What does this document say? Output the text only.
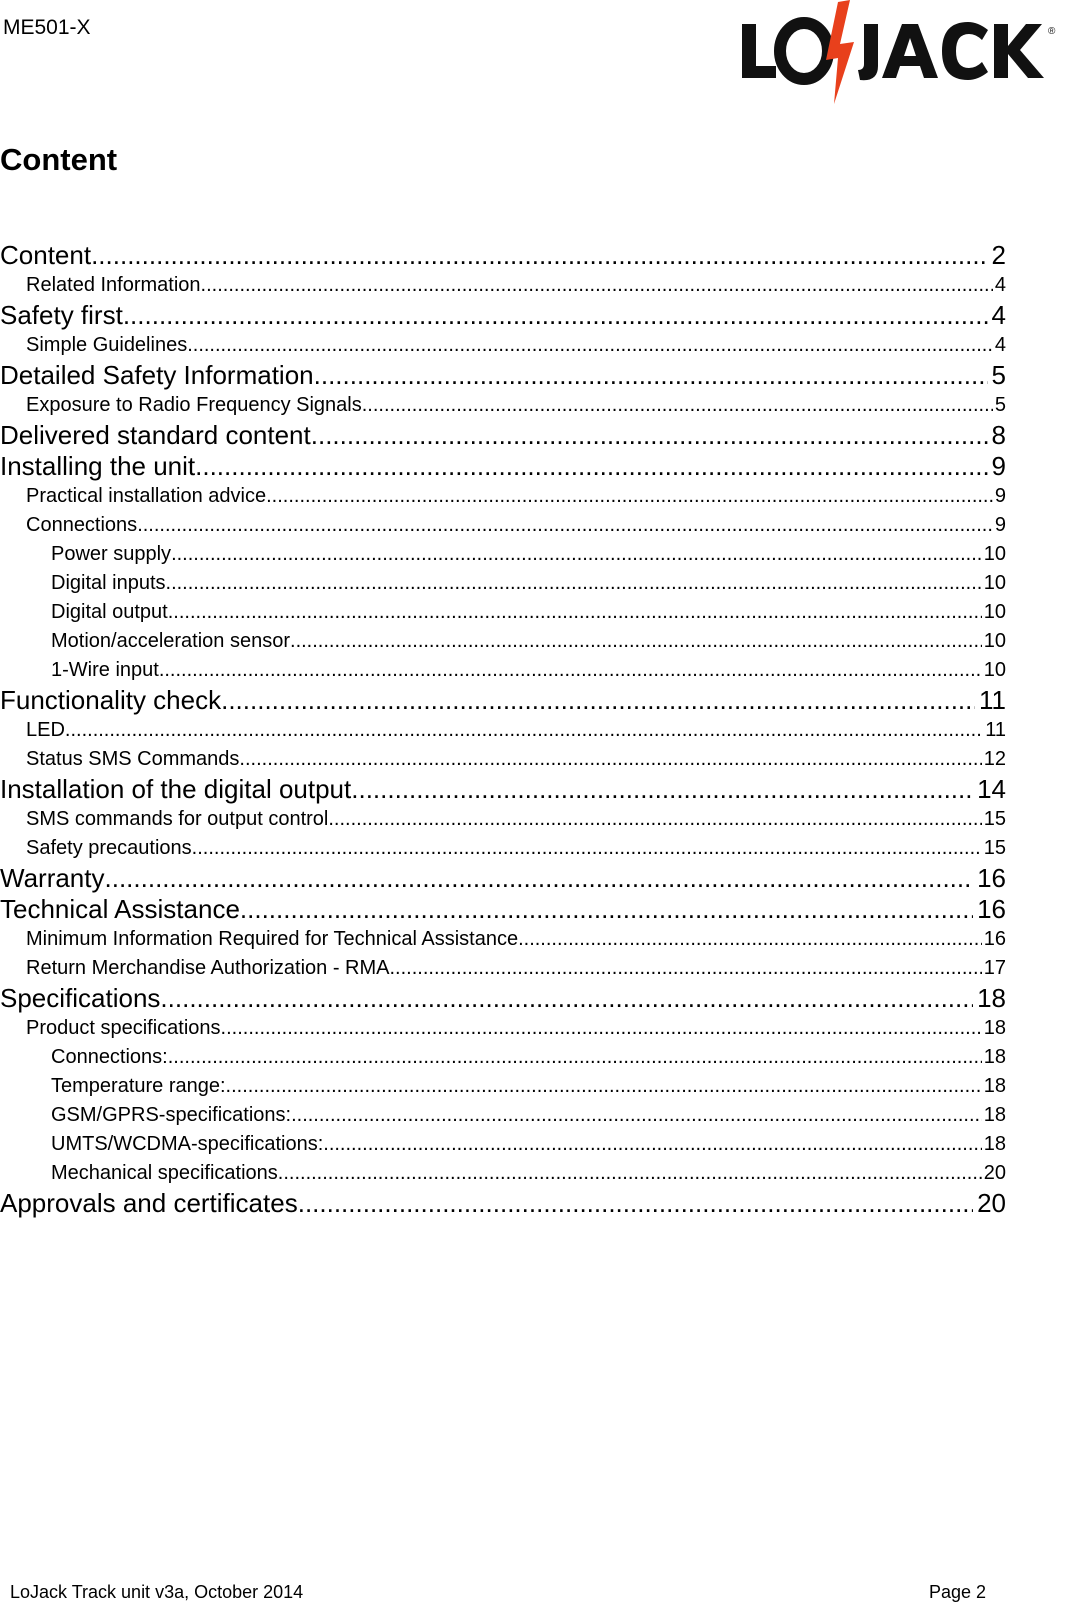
ME501-X	®
Content
Content .....	2
Related Information .....	4
Safety first .....	4
Simple Guidelines .....	4
Detailed Safety Information .....	5
Exposure to Radio Frequency Signals .....	5
Delivered standard content .....	8
Installing the unit .....	9
Practical installation advice .....	9
Connections .....	9
Power supply .....	10
Digital inputs .....	10
Digital output .....	10
Motion/acceleration sensor .....	10
1-Wire input .....	10
Functionality check .....	11
LED .....	11
Status SMS Commands .....	12
Installation of the digital output .....	14
SMS commands for output control .....	15
Safety precautions .....	15
Warranty .....	16
Technical Assistance .....	16
Minimum Information Required for Technical Assistance .....	16
Return Merchandise Authorization - RMA .....	17
Specifications .....	18
Product specifications .....	18
Connections: .....	18
Temperature range: .....	18
GSM/GPRS-specifications: .....	18
UMTS/WCDMA-specifications: .....	18
Mechanical specifications .....	20
Approvals and certificates .....	20
LoJack Track unit v3a, October 2014	Page 2
